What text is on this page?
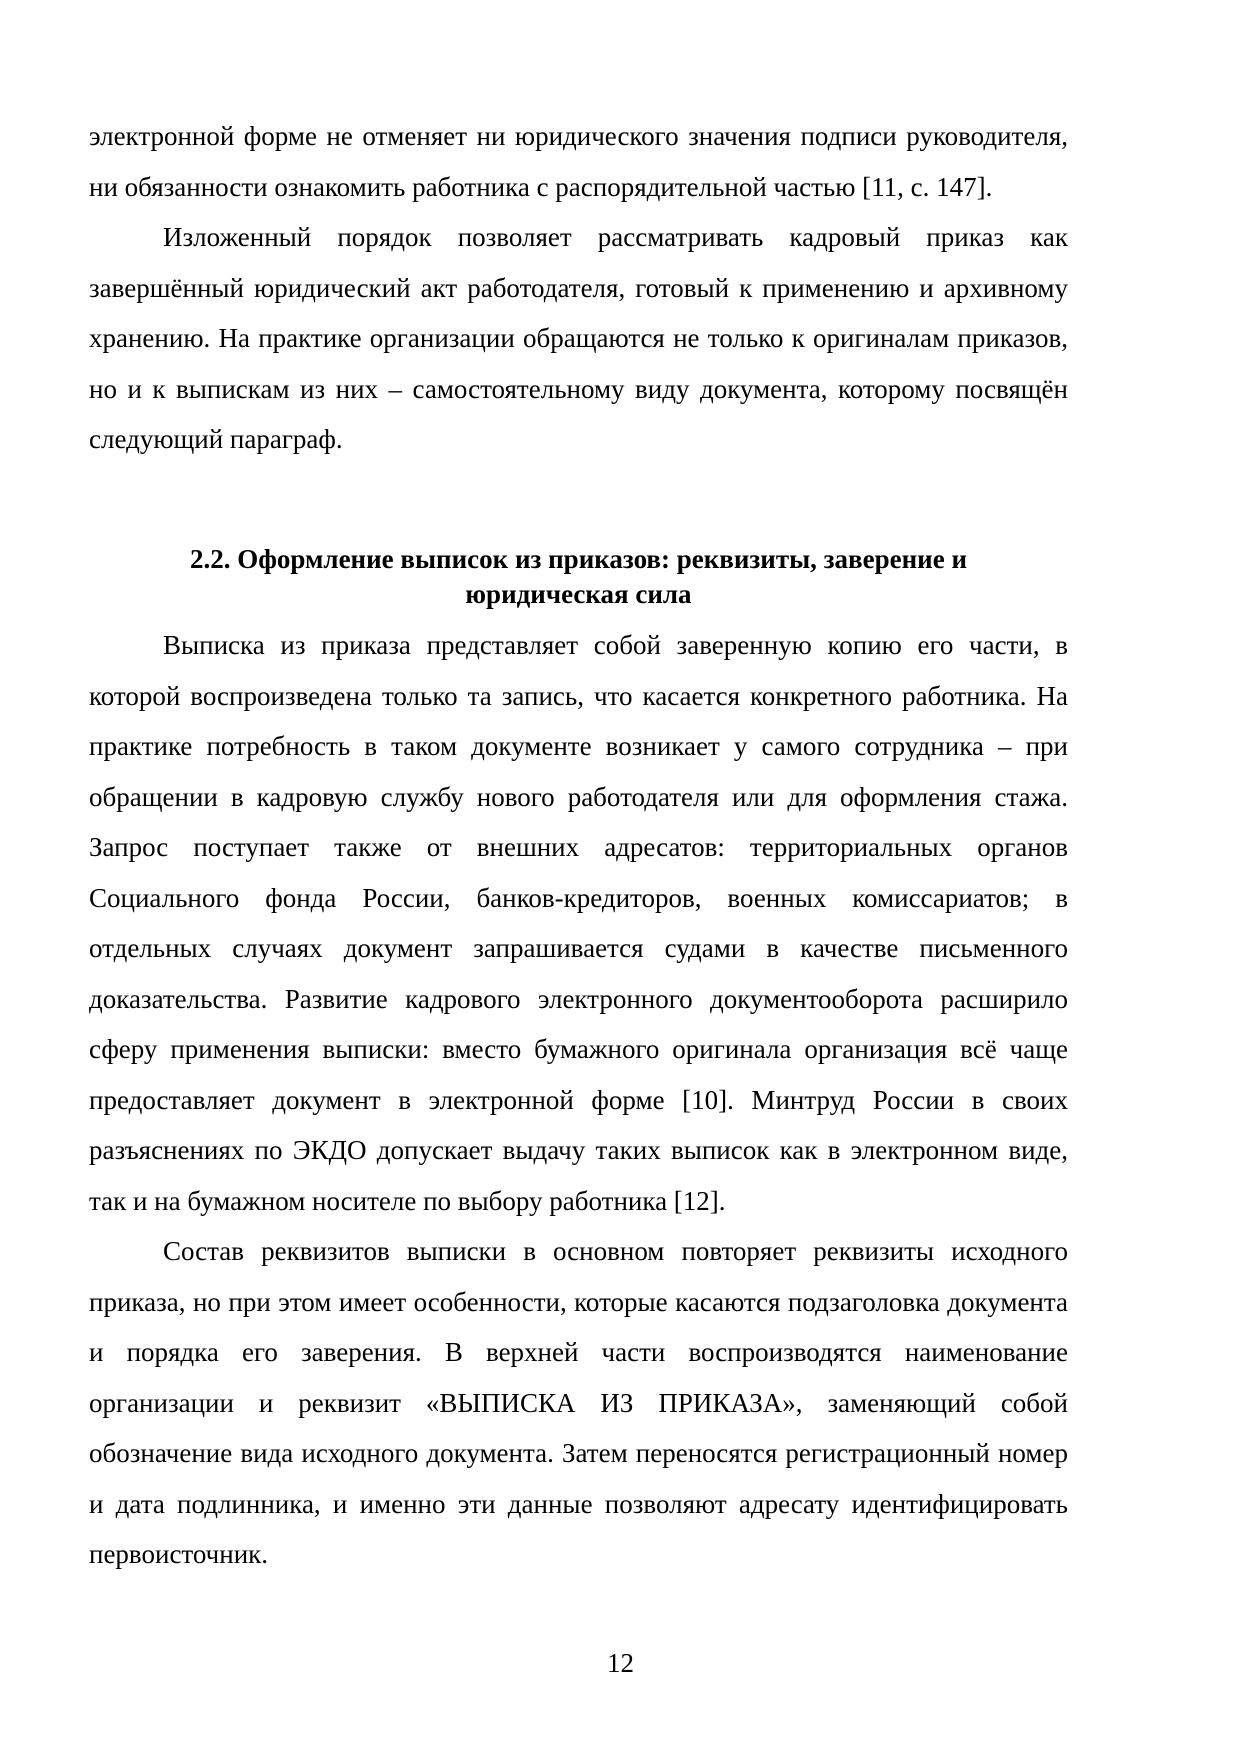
электронной форме не отменяет ни юридического значения подписи руководителя, ни обязанности ознакомить работника с распорядительной частью [11, с. 147].

Изложенный порядок позволяет рассматривать кадровый приказ как завершённый юридический акт работодателя, готовый к применению и архивному хранению. На практике организации обращаются не только к оригиналам приказов, но и к выпискам из них – самостоятельному виду документа, которому посвящён следующий параграф.

2.2. Оформление выписок из приказов: реквизиты, заверение и
юридическая сила

Выписка из приказа представляет собой заверенную копию его части, в которой воспроизведена только та запись, что касается конкретного работника. На практике потребность в таком документе возникает у самого сотрудника – при обращении в кадровую службу нового работодателя или для оформления стажа. Запрос поступает также от внешних адресатов: территориальных органов Социального фонда России, банков-кредиторов, военных комиссариатов; в отдельных случаях документ запрашивается судами в качестве письменного доказательства. Развитие кадрового электронного документооборота расширило сферу применения выписки: вместо бумажного оригинала организация всё чаще предоставляет документ в электронной форме [10]. Минтруд России в своих разъяснениях по ЭКДО допускает выдачу таких выписок как в электронном виде, так и на бумажном носителе по выбору работника [12].

Состав реквизитов выписки в основном повторяет реквизиты исходного приказа, но при этом имеет особенности, которые касаются подзаголовка документа и порядка его заверения. В верхней части воспроизводятся наименование организации и реквизит «ВЫПИСКА ИЗ ПРИКАЗА», заменяющий собой обозначение вида исходного документа. Затем переносятся регистрационный номер и дата подлинника, и именно эти данные позволяют адресату идентифицировать первоисточник.

12
